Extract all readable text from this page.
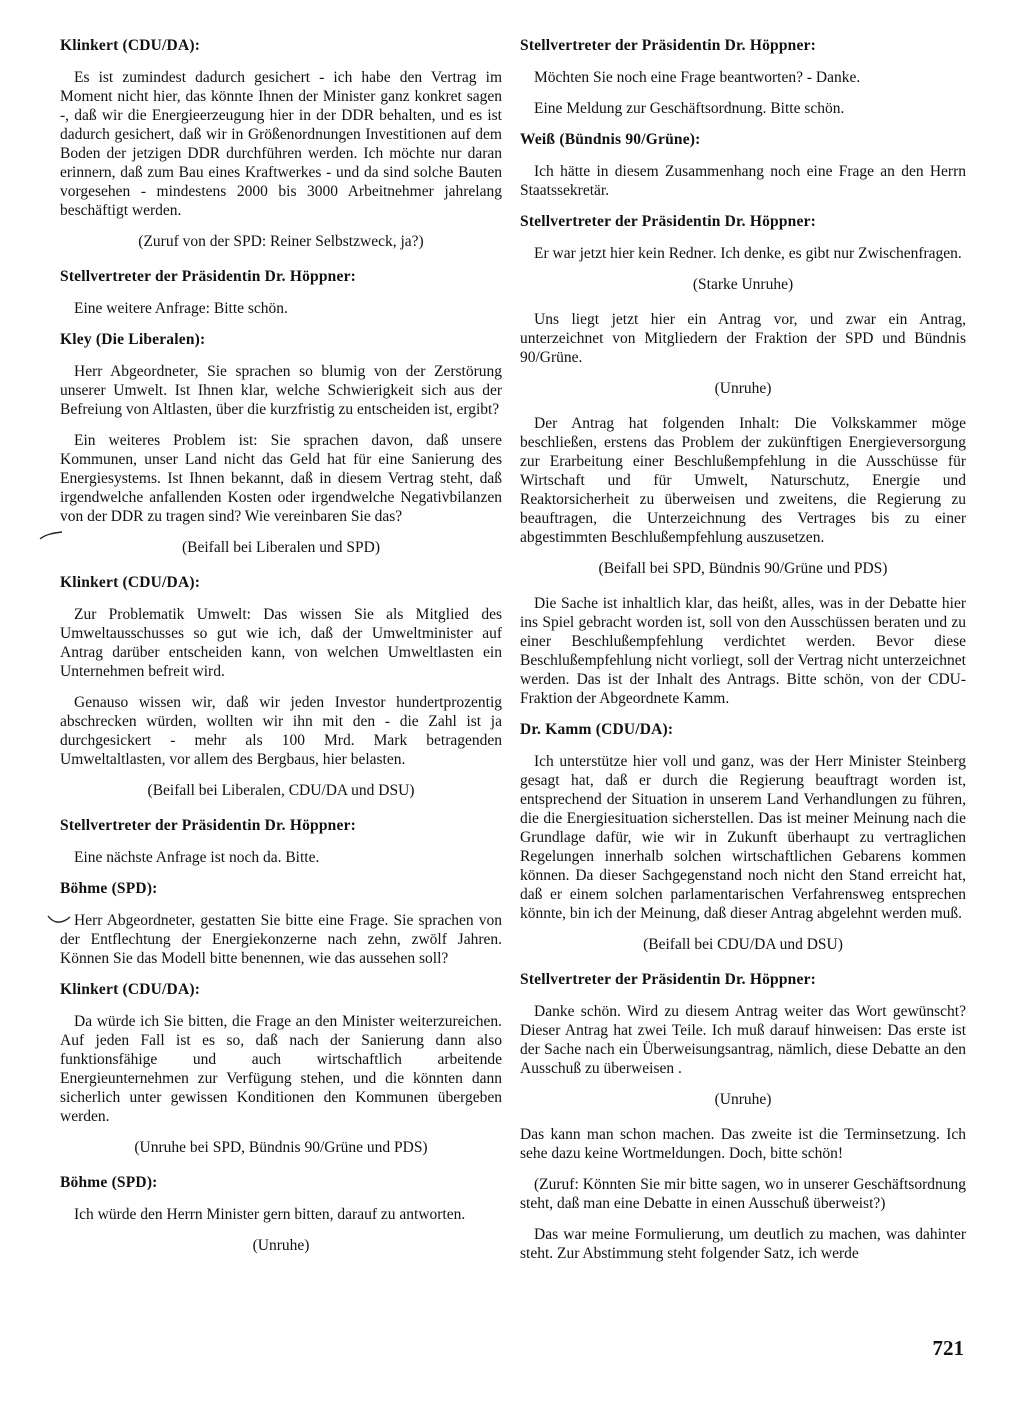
Klinkert (CDU/DA):
Es ist zumindest dadurch gesichert - ich habe den Vertrag im Moment nicht hier, das könnte Ihnen der Minister ganz konkret sagen -, daß wir die Energieerzeugung hier in der DDR behalten, und es ist dadurch gesichert, daß wir in Größenordnungen Investitionen auf dem Boden der jetzigen DDR durchführen werden. Ich möchte nur daran erinnern, daß zum Bau eines Kraftwerkes - und da sind solche Bauten vorgesehen - mindestens 2000 bis 3000 Arbeitnehmer jahrelang beschäftigt werden.
(Zuruf von der SPD: Reiner Selbstzweck, ja?)
Stellvertreter der Präsidentin Dr. Höppner:
Eine weitere Anfrage: Bitte schön.
Kley (Die Liberalen):
Herr Abgeordneter, Sie sprachen so blumig von der Zerstörung unserer Umwelt. Ist Ihnen klar, welche Schwierigkeit sich aus der Befreiung von Altlasten, über die kurzfristig zu entscheiden ist, ergibt?
Ein weiteres Problem ist: Sie sprachen davon, daß unsere Kommunen, unser Land nicht das Geld hat für eine Sanierung des Energiesystems. Ist Ihnen bekannt, daß in diesem Vertrag steht, daß irgendwelche anfallenden Kosten oder irgendwelche Negativbilanzen von der DDR zu tragen sind? Wie vereinbaren Sie das?
(Beifall bei Liberalen und SPD)
Klinkert (CDU/DA):
Zur Problematik Umwelt: Das wissen Sie als Mitglied des Umweltausschusses so gut wie ich, daß der Umweltminister auf Antrag darüber entscheiden kann, von welchen Umweltlasten ein Unternehmen befreit wird.
Genauso wissen wir, daß wir jeden Investor hundertprozentig abschrecken würden, wollten wir ihn mit den - die Zahl ist ja durchgesickert - mehr als 100 Mrd. Mark betragenden Umweltaltlasten, vor allem des Bergbaus, hier belasten.
(Beifall bei Liberalen, CDU/DA und DSU)
Stellvertreter der Präsidentin Dr. Höppner:
Eine nächste Anfrage ist noch da. Bitte.
Böhme (SPD):
Herr Abgeordneter, gestatten Sie bitte eine Frage. Sie sprachen von der Entflechtung der Energiekonzerne nach zehn, zwölf Jahren. Können Sie das Modell bitte benennen, wie das aussehen soll?
Klinkert (CDU/DA):
Da würde ich Sie bitten, die Frage an den Minister weiterzureichen. Auf jeden Fall ist es so, daß nach der Sanierung dann also funktionsfähige und auch wirtschaftlich arbeitende Energieunternehmen zur Verfügung stehen, und die könnten dann sicherlich unter gewissen Konditionen den Kommunen übergeben werden.
(Unruhe bei SPD, Bündnis 90/Grüne und PDS)
Böhme (SPD):
Ich würde den Herrn Minister gern bitten, darauf zu antworten.
(Unruhe)
Stellvertreter der Präsidentin Dr. Höppner:
Möchten Sie noch eine Frage beantworten? - Danke.
Eine Meldung zur Geschäftsordnung. Bitte schön.
Weiß (Bündnis 90/Grüne):
Ich hätte in diesem Zusammenhang noch eine Frage an den Herrn Staatssekretär.
Stellvertreter der Präsidentin Dr. Höppner:
Er war jetzt hier kein Redner. Ich denke, es gibt nur Zwischenfragen.
(Starke Unruhe)
Uns liegt jetzt hier ein Antrag vor, und zwar ein Antrag, unterzeichnet von Mitgliedern der Fraktion der SPD und Bündnis 90/Grüne.
(Unruhe)
Der Antrag hat folgenden Inhalt: Die Volkskammer möge beschließen, erstens das Problem der zukünftigen Energieversorgung zur Erarbeitung einer Beschlußempfehlung in die Ausschüsse für Wirtschaft und für Umwelt, Naturschutz, Energie und Reaktorsicherheit zu überweisen und zweitens, die Regierung zu beauftragen, die Unterzeichnung des Vertrages bis zu einer abgestimmten Beschlußempfehlung auszusetzen.
(Beifall bei SPD, Bündnis 90/Grüne und PDS)
Die Sache ist inhaltlich klar, das heißt, alles, was in der Debatte hier ins Spiel gebracht worden ist, soll von den Ausschüssen beraten und zu einer Beschlußempfehlung verdichtet werden. Bevor diese Beschlußempfehlung nicht vorliegt, soll der Vertrag nicht unterzeichnet werden. Das ist der Inhalt des Antrags. Bitte schön, von der CDU-Fraktion der Abgeordnete Kamm.
Dr. Kamm (CDU/DA):
Ich unterstütze hier voll und ganz, was der Herr Minister Steinberg gesagt hat, daß er durch die Regierung beauftragt worden ist, entsprechend der Situation in unserem Land Verhandlungen zu führen, die die Energiesituation sicherstellen. Das ist meiner Meinung nach die Grundlage dafür, wie wir in Zukunft überhaupt zu vertraglichen Regelungen innerhalb solchen wirtschaftlichen Gebarens kommen können. Da dieser Sachgegenstand noch nicht den Stand erreicht hat, daß er einem solchen parlamentarischen Verfahrensweg entsprechen könnte, bin ich der Meinung, daß dieser Antrag abgelehnt werden muß.
(Beifall bei CDU/DA und DSU)
Stellvertreter der Präsidentin Dr. Höppner:
Danke schön. Wird zu diesem Antrag weiter das Wort gewünscht? Dieser Antrag hat zwei Teile. Ich muß darauf hinweisen: Das erste ist der Sache nach ein Überweisungsantrag, nämlich, diese Debatte an den Ausschuß zu überweisen .
(Unruhe)
Das kann man schon machen. Das zweite ist die Terminsetzung. Ich sehe dazu keine Wortmeldungen. Doch, bitte schön!
(Zuruf: Könnten Sie mir bitte sagen, wo in unserer Geschäftsordnung steht, daß man eine Debatte in einen Ausschuß überweist?)
Das war meine Formulierung, um deutlich zu machen, was dahinter steht. Zur Abstimmung steht folgender Satz, ich werde
721
